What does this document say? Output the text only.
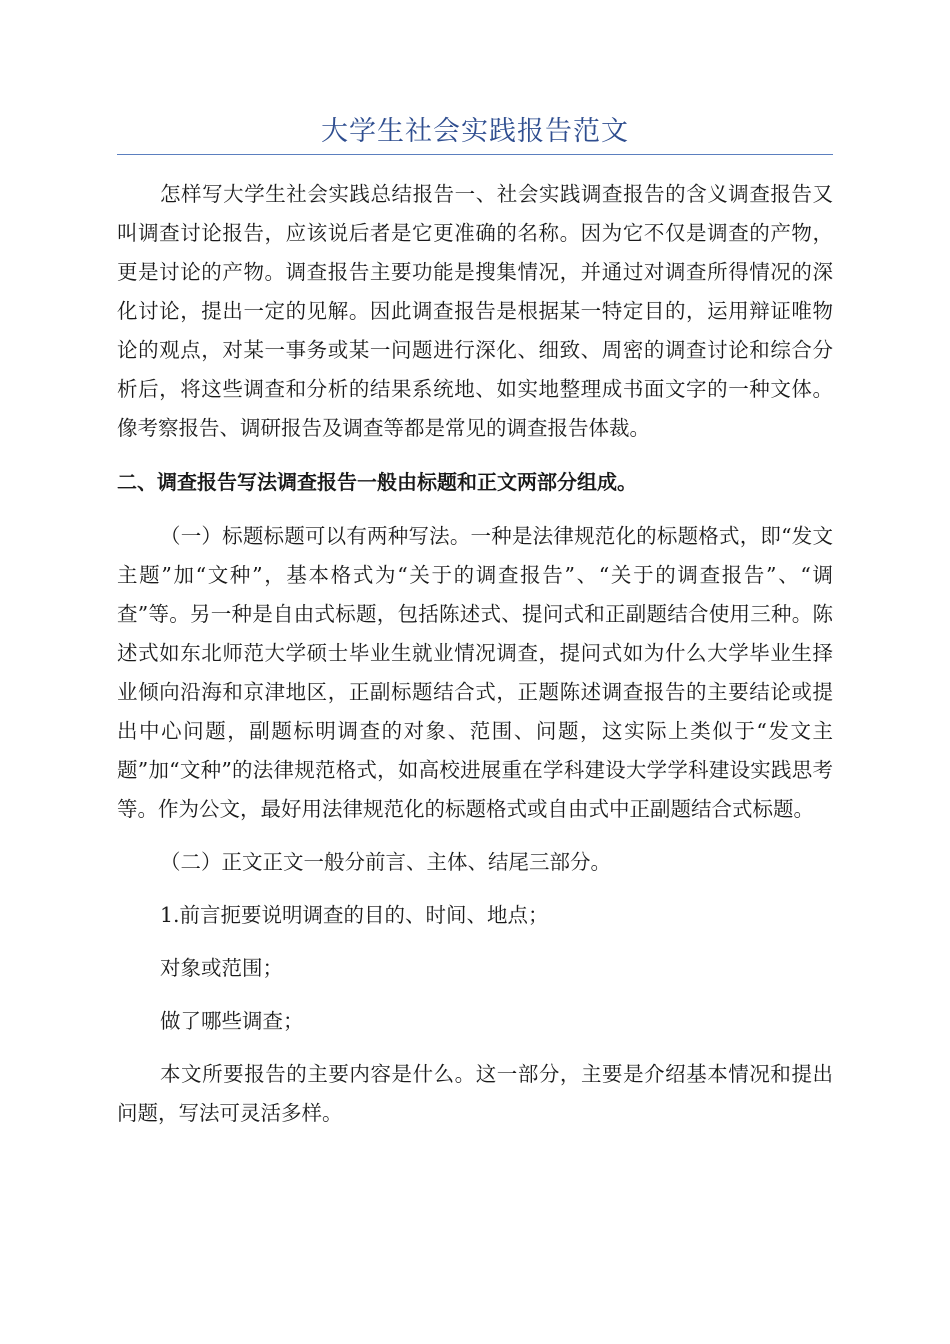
大学生社会实践报告范文

怎样写大学生社会实践总结报告一、社会实践调查报告的含义调查报告又叫调查讨论报告，应该说后者是它更准确的名称。因为它不仅是调查的产物，更是讨论的产物。调查报告主要功能是搜集情况，并通过对调查所得情况的深化讨论，提出一定的见解。因此调查报告是根据某一特定目的，运用辩证唯物论的观点，对某一事务或某一问题进行深化、细致、周密的调查讨论和综合分析后，将这些调查和分析的结果系统地、如实地整理成书面文字的一种文体。像考察报告、调研报告及调查等都是常见的调查报告体裁。

二、调查报告写法调查报告一般由标题和正文两部分组成。

（一）标题标题可以有两种写法。一种是法律规范化的标题格式，即“发文主题”加“文种”，基本格式为“关于的调查报告”、“关于的调查报告”、“调查”等。另一种是自由式标题，包括陈述式、提问式和正副题结合使用三种。陈述式如东北师范大学硕士毕业生就业情况调查，提问式如为什么大学毕业生择业倾向沿海和京津地区，正副标题结合式，正题陈述调查报告的主要结论或提出中心问题，副题标明调查的对象、范围、问题，这实际上类似于“发文主题”加“文种”的法律规范格式，如高校进展重在学科建设大学学科建设实践思考等。作为公文，最好用法律规范化的标题格式或自由式中正副题结合式标题。

（二）正文正文一般分前言、主体、结尾三部分。

1.前言扼要说明调查的目的、时间、地点；

对象或范围；

做了哪些调查；

本文所要报告的主要内容是什么。这一部分，主要是介绍基本情况和提出问题，写法可灵活多样。
